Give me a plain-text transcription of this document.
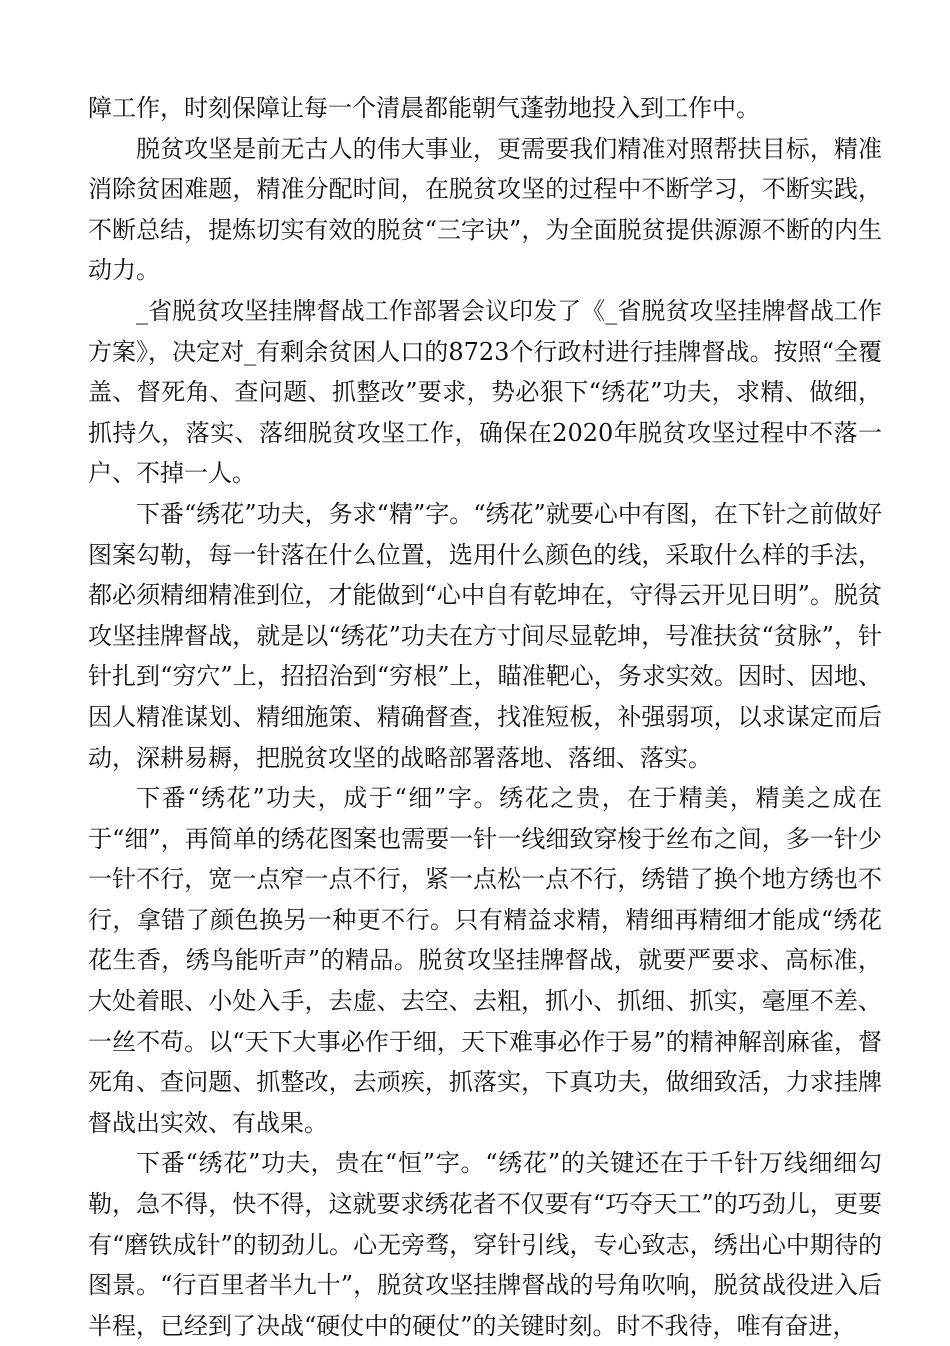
障工作，时刻保障让每一个清晨都能朝气蓬勃地投入到工作中。

脱贫攻坚是前无古人的伟大事业，更需要我们精准对照帮扶目标，精准消除贫困难题，精准分配时间，在脱贫攻坚的过程中不断学习，不断实践，不断总结，提炼切实有效的脱贫“三字诀”，为全面脱贫提供源源不断的内生动力。

_省脱贫攻坚挂牌督战工作部署会议印发了《_省脱贫攻坚挂牌督战工作方案》，决定对_有剩余贫困人口的8723个行政村进行挂牌督战。按照“全覆盖、督死角、查问题、抓整改”要求，势必狠下“绣花”功夫，求精、做细，抓持久，落实、落细脱贫攻坚工作，确保在2020年脱贫攻坚过程中不落一户、不掉一人。

下番“绣花”功夫，务求“精”字。“绣花”就要心中有图，在下针之前做好图案勾勒，每一针落在什么位置，选用什么颜色的线，采取什么样的手法，都必须精细精准到位，才能做到“心中自有乾坤在，守得云开见日明”。脱贫攻坚挂牌督战，就是以“绣花”功夫在方寸间尽显乾坤，号准扶贫“贫脉”，针针扎到“穷穴”上，招招治到“穷根”上，瞄准靶心，务求实效。因时、因地、因人精准谋划、精细施策、精确督查，找准短板，补强弱项，以求谋定而后动，深耕易耨，把脱贫攻坚的战略部署落地、落细、落实。

下番“绣花”功夫，成于“细”字。绣花之贵，在于精美，精美之成在于“细”，再简单的绣花图案也需要一针一线细致穿梭于丝布之间，多一针少一针不行，宽一点窄一点不行，紧一点松一点不行，绣错了换个地方绣也不行，拿错了颜色换另一种更不行。只有精益求精，精细再精细才能成“绣花花生香，绣鸟能听声”的精品。脱贫攻坚挂牌督战，就要严要求、高标准，大处着眼、小处入手，去虚、去空、去粗，抓小、抓细、抓实，毫厘不差、一丝不苟。以“天下大事必作于细，天下难事必作于易”的精神解剖麻雀，督死角、查问题、抓整改，去顽疾，抓落实，下真功夫，做细致活，力求挂牌督战出实效、有战果。

下番“绣花”功夫，贵在“恒”字。“绣花”的关键还在于千针万线细细勾勒，急不得，快不得，这就要求绣花者不仅要有“巧夺天工”的巧劲儿，更要有“磨铁成针”的韧劲儿。心无旁骛，穿针引线，专心致志，绣出心中期待的图景。“行百里者半九十”，脱贫攻坚挂牌督战的号角吹响，脱贫战役进入后半程，已经到了决战“硬仗中的硬仗”的关键时刻。时不我待，唯有奋进，
